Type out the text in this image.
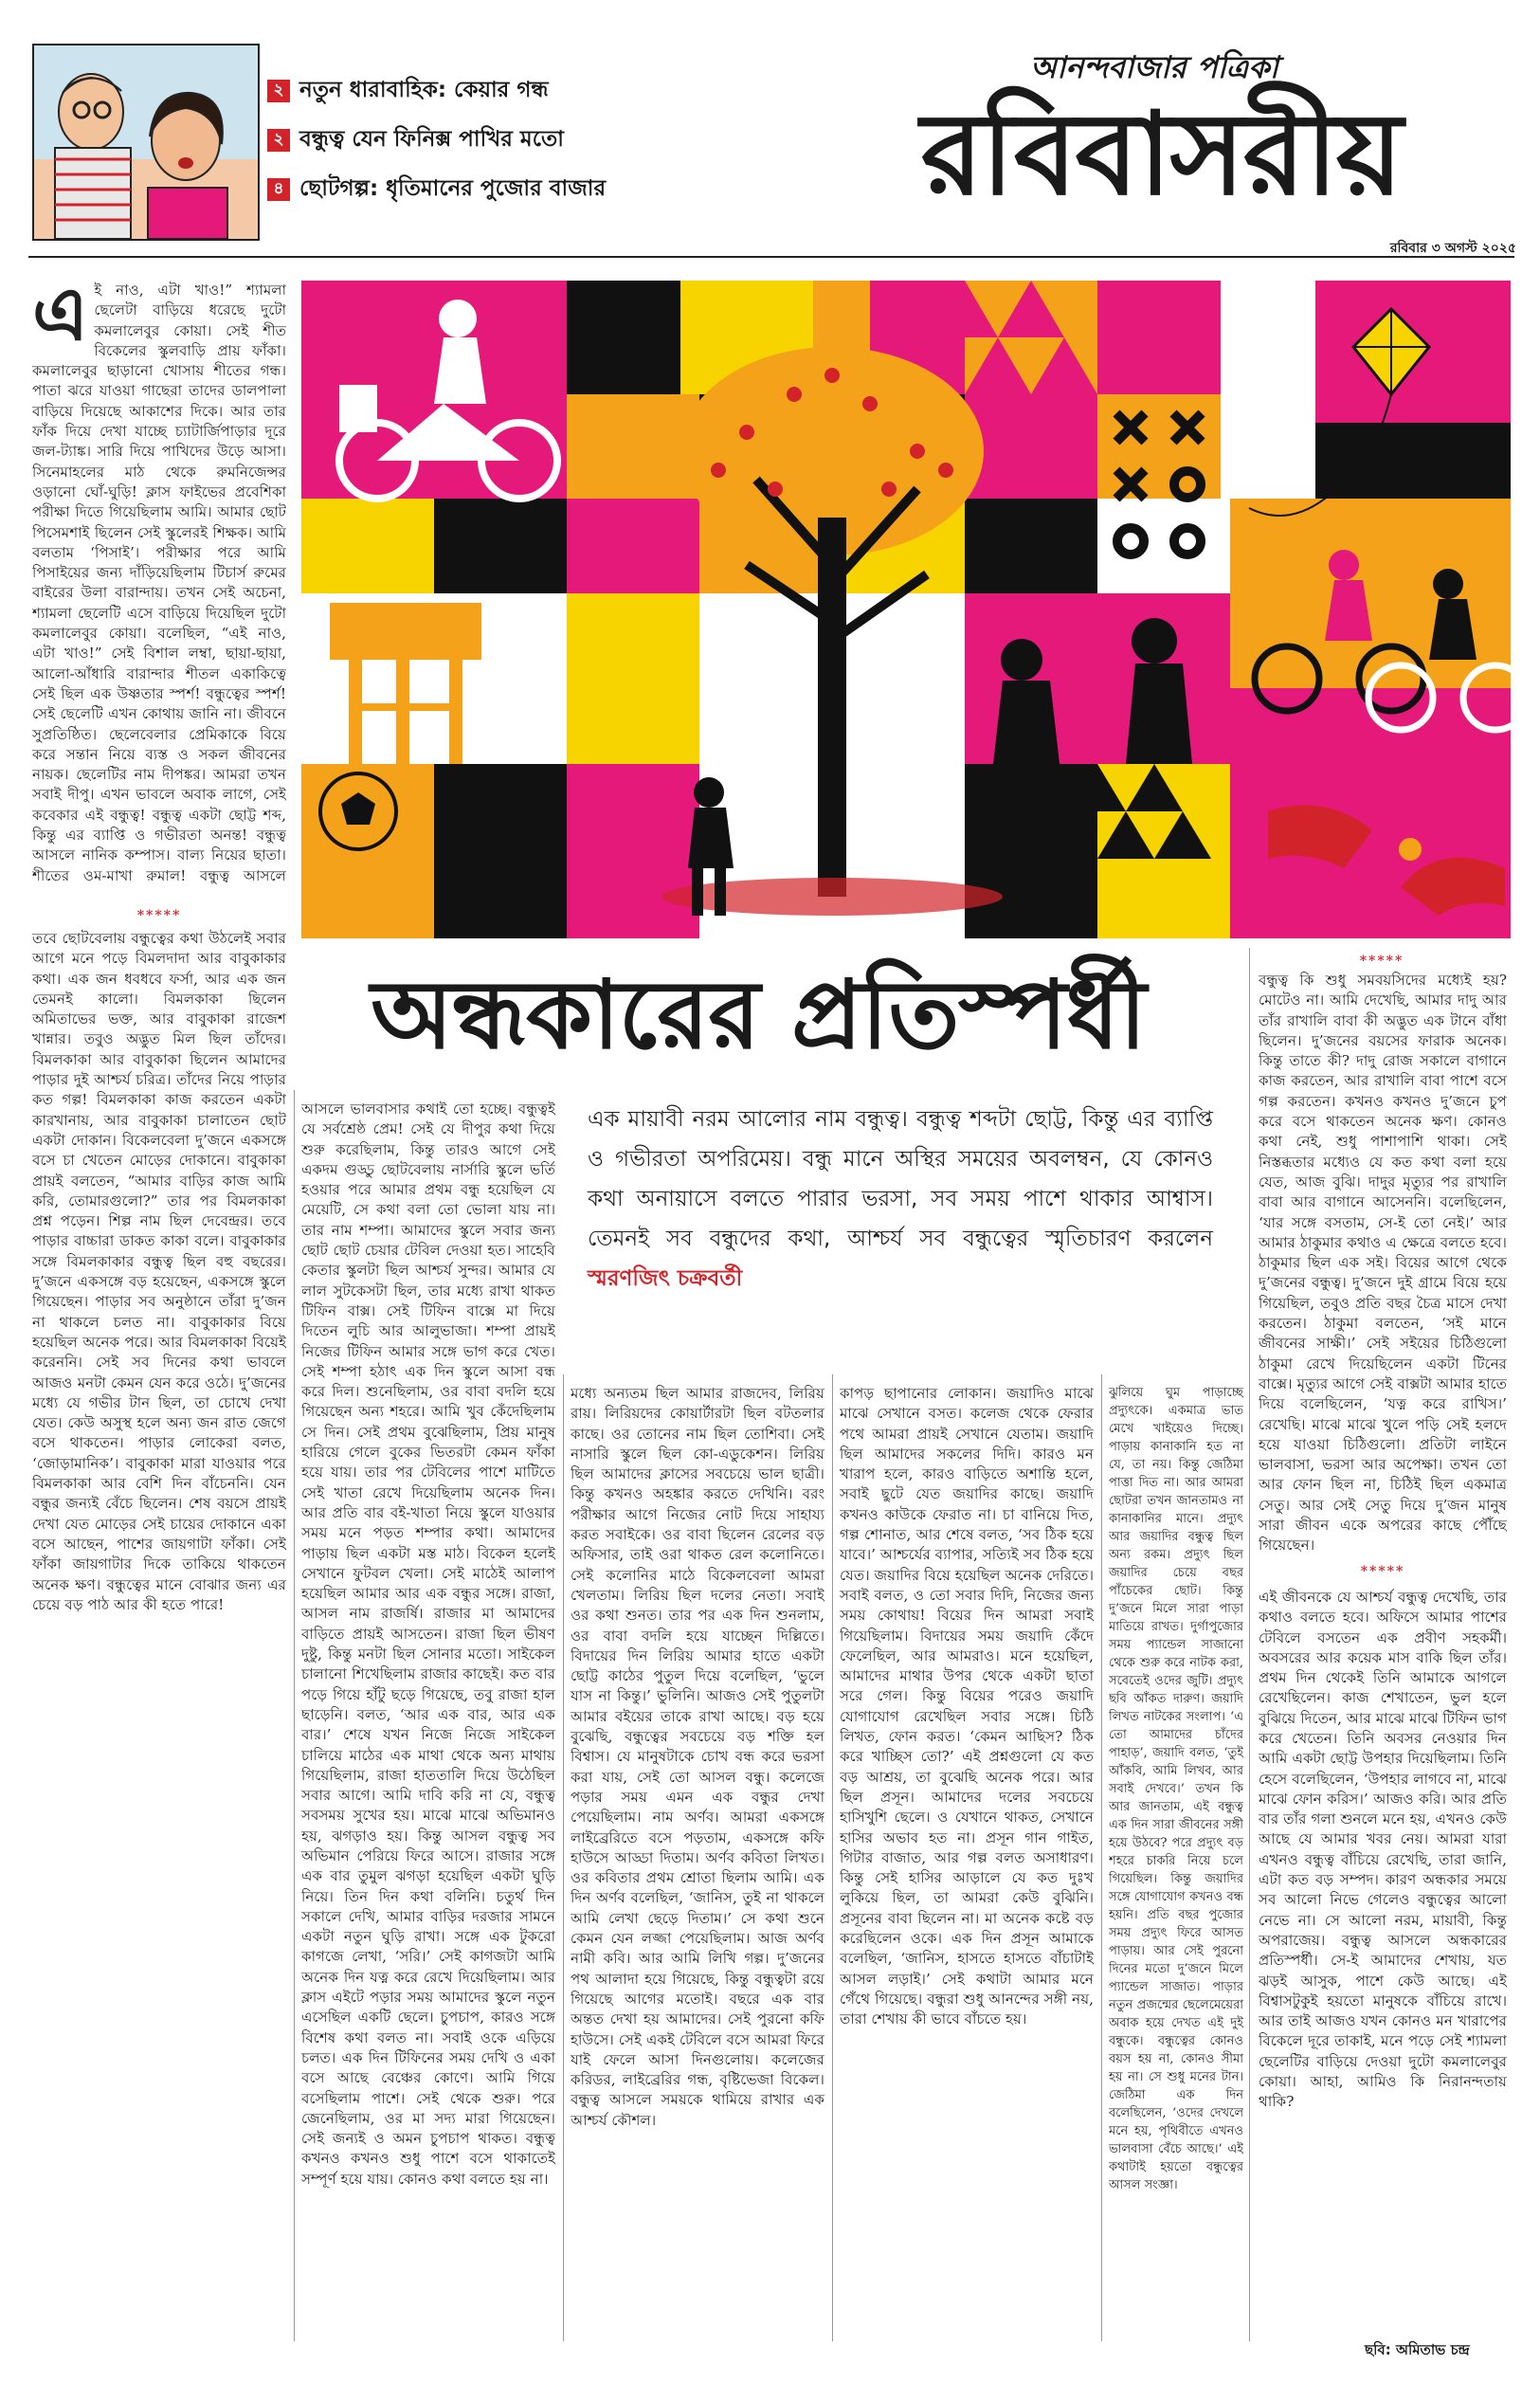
২ নতুন ধারাবাহিক: কেয়ার গন্ধ
২ বন্ধুত্ব যেন ফিনিক্স পাখির মতো
৪ ছোটগল্প: ধৃতিমানের পুজোর বাজার
আনন্দবাজার পত্রিকা
রবিবাসরীয়
রবিবার ৩ অগস্ট ২০২৫
এ ই নাও, এটা খাও!” শ্যামলা ছেলেটা বাড়িয়ে ধরেছে দুটো কমলালেবুর কোয়া। সেই শীত বিকেলের স্কুলবাড়ি প্রায় ফাঁকা। কমলালেবুর ছাড়ানো খোসায় শীতের গন্ধ। পাতা ঝরে যাওয়া গাছেরা তাদের ডালপালা বাড়িয়ে দিয়েছে আকাশের দিকে। আর তার ফাঁক দিয়ে দেখা যাচ্ছে চ্যাটার্জিপাড়ার দূরে জল-ট্যাঙ্ক। সারি দিয়ে পাখিদের উড়ে আসা। সিনেমাহলের মাঠ থেকে রুমনিজেন্সর ওড়ানো ঘোঁ-ঘুড়ি! ক্লাস ফাইভের প্রবেশিকা পরীক্ষা দিতে গিয়েছিলাম আমি। আমার ছোট পিসেমশাই ছিলেন সেই স্কুলেরই শিক্ষক। আমি বলতাম ‘পিসাই’। পরীক্ষার পরে আমি পিসাইয়ের জন্য দাঁড়িয়েছিলাম টিচার্স রুমের বাইরের উলা বারান্দায়। তখন সেই অচেনা, শ্যামলা ছেলেটি এসে বাড়িয়ে দিয়েছিল দুটো কমলালেবুর কোয়া। বলেছিল, “এই নাও, এটা খাও!” সেই বিশাল লম্বা, ছায়া-ছায়া, আলো-আঁধারি বারান্দার শীতল একাকিত্বে সেই ছিল এক উষ্ণতার স্পর্শ! বন্ধুত্বের স্পর্শ! সেই ছেলেটি এখন কোথায় জানি না। জীবনে সুপ্রতিষ্ঠিত। ছেলেবেলার প্রেমিকাকে বিয়ে করে সন্তান নিয়ে ব্যস্ত ও সকল জীবনের নায়ক। ছেলেটির নাম দীপঙ্কর। আমরা তখন সবাই দীপু। এখন ভাবলে অবাক লাগে, সেই কবেকার এই বন্ধুত্ব! বন্ধুত্ব একটা ছোট্ট শব্দ, কিন্তু এর ব্যাপ্তি ও গভীরতা অনন্ত! বন্ধুত্ব আসলে নানিক কম্পাস। বাল্য নিয়ের ছাতা। শীতের ওম-মাখা রুমাল! বন্ধুত্ব আসলে
*****
তবে ছোটবেলায় বন্ধুত্বের কথা উঠলেই সবার আগে মনে পড়ে বিমলদাদা আর বাবুকাকার কথা। এক জন ধবধবে ফর্সা, আর এক জন তেমনই কালো। বিমলকাকা ছিলেন অমিতাভের ভক্ত, আর বাবুকাকা রাজেশ খান্নার। তবুও অদ্ভুত মিল ছিল তাঁদের। বিমলকাকা আর বাবুকাকা ছিলেন আমাদের পাড়ার দুই আশ্চর্য চরিত্র। তাঁদের নিয়ে পাড়ার কত গল্প! বিমলকাকা কাজ করতেন একটা কারখানায়, আর বাবুকাকা চালাতেন ছোট একটা দোকান। বিকেলবেলা দু’জনে একসঙ্গে বসে চা খেতেন মোড়ের দোকানে। বাবুকাকা প্রায়ই বলতেন, “আমার বাড়ির কাজ আমি করি, তোমারগুলো?” তার পর বিমলকাকা প্রশ্ন পড়েন। শিল্প নাম ছিল দেবেন্দ্রর। তবে পাড়ার বাচ্চারা ডাকত কাকা বলে। বাবুকাকার সঙ্গে বিমলকাকার বন্ধুত্ব ছিল বহু বছরের। দু’জনে একসঙ্গে বড় হয়েছেন, একসঙ্গে স্কুলে গিয়েছেন। পাড়ার সব অনুষ্ঠানে তাঁরা দু’জন না থাকলে চলত না। বাবুকাকার বিয়ে হয়েছিল অনেক পরে। আর বিমলকাকা বিয়েই করেননি। সেই সব দিনের কথা ভাবলে আজও মনটা কেমন যেন করে ওঠে। দু’জনের মধ্যে যে গভীর টান ছিল, তা চোখে দেখা যেত। কেউ অসুস্থ হলে অন্য জন রাত জেগে বসে থাকতেন। পাড়ার লোকেরা বলত, ‘জোড়ামানিক’। বাবুকাকা মারা যাওয়ার পরে বিমলকাকা আর বেশি দিন বাঁচেননি। যেন বন্ধুর জন্যই বেঁচে ছিলেন। শেষ বয়সে প্রায়ই দেখা যেত মোড়ের সেই চায়ের দোকানে একা বসে আছেন, পাশের জায়গাটা ফাঁকা। সেই ফাঁকা জায়গাটার দিকে তাকিয়ে থাকতেন অনেক ক্ষণ। বন্ধুত্বের মানে বোঝার জন্য এর চেয়ে বড় পাঠ আর কী হতে পারে!
অন্ধকারের প্রতিস্পর্ধী
আসলে ভালবাসার কথাই তো হচ্ছে। বন্ধুত্বই যে সর্বশ্রেষ্ঠ প্রেম! সেই যে দীপুর কথা দিয়ে শুরু করেছিলাম, কিন্তু তারও আগে সেই একদম গুড্ডু ছোটবেলায় নার্সারি স্কুলে ভর্তি হওয়ার পরে আমার প্রথম বন্ধু হয়েছিল যে মেয়েটি, সে কথা বলা তো ভোলা যায় না। তার নাম শম্পা। আমাদের স্কুলে সবার জন্য ছোট ছোট চেয়ার টেবিল দেওয়া হত। সাহেবি কেতার স্কুলটা ছিল আশ্চর্য সুন্দর। আমার যে লাল সুটকেসটা ছিল, তার মধ্যে রাখা থাকত টিফিন বাক্স। সেই টিফিন বাক্সে মা দিয়ে দিতেন লুচি আর আলুভাজা। শম্পা প্রায়ই নিজের টিফিন আমার সঙ্গে ভাগ করে খেত। সেই শম্পা হঠাৎ এক দিন স্কুলে আসা বন্ধ করে দিল। শুনেছিলাম, ওর বাবা বদলি হয়ে গিয়েছেন অন্য শহরে। আমি খুব কেঁদেছিলাম সে দিন। সেই প্রথম বুঝেছিলাম, প্রিয় মানুষ হারিয়ে গেলে বুকের ভিতরটা কেমন ফাঁকা হয়ে যায়। তার পর টেবিলের পাশে মাটিতে সেই খাতা রেখে দিয়েছিলাম অনেক দিন। আর প্রতি বার বই-খাতা নিয়ে স্কুলে যাওয়ার সময় মনে পড়ত শম্পার কথা। আমাদের পাড়ায় ছিল একটা মস্ত মাঠ। বিকেল হলেই সেখানে ফুটবল খেলা। সেই মাঠেই আলাপ হয়েছিল আমার আর এক বন্ধুর সঙ্গে। রাজা, আসল নাম রাজর্ষি। রাজার মা আমাদের বাড়িতে প্রায়ই আসতেন। রাজা ছিল ভীষণ দুষ্টু, কিন্তু মনটা ছিল সোনার মতো। সাইকেল চালানো শিখেছিলাম রাজার কাছেই। কত বার পড়ে গিয়ে হাঁটু ছড়ে গিয়েছে, তবু রাজা হাল ছাড়েনি। বলত, ‘আর এক বার, আর এক বার।’ শেষে যখন নিজে নিজে সাইকেল চালিয়ে মাঠের এক মাথা থেকে অন্য মাথায় গিয়েছিলাম, রাজা হাততালি দিয়ে উঠেছিল সবার আগে। আমি দাবি করি না যে, বন্ধুত্ব সবসময় সুখের হয়। মাঝে মাঝে অভিমানও হয়, ঝগড়াও হয়। কিন্তু আসল বন্ধুত্ব সব অভিমান পেরিয়ে ফিরে আসে। রাজার সঙ্গে এক বার তুমুল ঝগড়া হয়েছিল একটা ঘুড়ি নিয়ে। তিন দিন কথা বলিনি। চতুর্থ দিন সকালে দেখি, আমার বাড়ির দরজার সামনে একটা নতুন ঘুড়ি রাখা। সঙ্গে এক টুকরো কাগজে লেখা, ‘সরি।’ সেই কাগজটা আমি অনেক দিন যত্ন করে রেখে দিয়েছিলাম। আর ক্লাস এইটে পড়ার সময় আমাদের স্কুলে নতুন এসেছিল একটি ছেলে। চুপচাপ, কারও সঙ্গে বিশেষ কথা বলত না। সবাই ওকে এড়িয়ে চলত। এক দিন টিফিনের সময় দেখি ও একা বসে আছে বেঞ্চের কোণে। আমি গিয়ে বসেছিলাম পাশে। সেই থেকে শুরু। পরে জেনেছিলাম, ওর মা সদ্য মারা গিয়েছেন। সেই জন্যই ও অমন চুপচাপ থাকত। বন্ধুত্ব কখনও কখনও শুধু পাশে বসে থাকাতেই সম্পূর্ণ হয়ে যায়। কোনও কথা বলতে হয় না।
এক মায়াবী নরম আলোর নাম বন্ধুত্ব। বন্ধুত্ব শব্দটা ছোট্ট, কিন্তু এর ব্যাপ্তি ও গভীরতা অপরিমেয়। বন্ধু মানে অস্থির সময়ের অবলম্বন, যে কোনও কথা অনায়াসে বলতে পারার ভরসা, সব সময় পাশে থাকার আশ্বাস। তেমনই সব বন্ধুদের কথা, আশ্চর্য সব বন্ধুত্বের স্মৃতিচারণ করলেন স্মরণজিৎ চক্রবর্তী
মধ্যে অন্যতম ছিল আমার রাজদেব, লিরিয় রায়। লিরিয়দের কোয়ার্টারটা ছিল বটতলার কাছে। ওর তোনের নাম ছিল তোশিবা। সেই নাসারি স্কুলে ছিল কো-এডুকেশন। লিরিয় ছিল আমাদের ক্লাসের সবচেয়ে ভাল ছাত্রী। কিন্তু কখনও অহঙ্কার করতে দেখিনি। বরং পরীক্ষার আগে নিজের নোট দিয়ে সাহায্য করত সবাইকে। ওর বাবা ছিলেন রেলের বড় অফিসার, তাই ওরা থাকত রেল কলোনিতে। সেই কলোনির মাঠে বিকেলবেলা আমরা খেলতাম। লিরিয় ছিল দলের নেতা। সবাই ওর কথা শুনত। তার পর এক দিন শুনলাম, ওর বাবা বদলি হয়ে যাচ্ছেন দিল্লিতে। বিদায়ের দিন লিরিয় আমার হাতে একটা ছোট্ট কাঠের পুতুল দিয়ে বলেছিল, ‘ভুলে যাস না কিন্তু।’ ভুলিনি। আজও সেই পুতুলটা আমার বইয়ের তাকে রাখা আছে। বড় হয়ে বুঝেছি, বন্ধুত্বের সবচেয়ে বড় শক্তি হল বিশ্বাস। যে মানুষটাকে চোখ বন্ধ করে ভরসা করা যায়, সেই তো আসল বন্ধু। কলেজে পড়ার সময় এমন এক বন্ধুর দেখা পেয়েছিলাম। নাম অর্ণব। আমরা একসঙ্গে লাইব্রেরিতে বসে পড়তাম, একসঙ্গে কফি হাউসে আড্ডা দিতাম। অর্ণব কবিতা লিখত। ওর কবিতার প্রথম শ্রোতা ছিলাম আমি। এক দিন অর্ণব বলেছিল, ‘জানিস, তুই না থাকলে আমি লেখা ছেড়ে দিতাম।’ সে কথা শুনে কেমন যেন লজ্জা পেয়েছিলাম। আজ অর্ণব নামী কবি। আর আমি লিখি গল্প। দু’জনের পথ আলাদা হয়ে গিয়েছে, কিন্তু বন্ধুত্বটা রয়ে গিয়েছে আগের মতোই। বছরে এক বার অন্তত দেখা হয় আমাদের। সেই পুরনো কফি হাউসে। সেই একই টেবিলে বসে আমরা ফিরে যাই ফেলে আসা দিনগুলোয়। কলেজের করিডর, লাইব্রেরির গন্ধ, বৃষ্টিভেজা বিকেল। বন্ধুত্ব আসলে সময়কে থামিয়ে রাখার এক আশ্চর্য কৌশল।
কাপড় ছাপানোর লোকান। জয়াদিও মাঝে মাঝে সেখানে বসত। কলেজ থেকে ফেরার পথে আমরা প্রায়ই সেখানে যেতাম। জয়াদি ছিল আমাদের সকলের দিদি। কারও মন খারাপ হলে, কারও বাড়িতে অশান্তি হলে, সবাই ছুটে যেত জয়াদির কাছে। জয়াদি কখনও কাউকে ফেরাত না। চা বানিয়ে দিত, গল্প শোনাত, আর শেষে বলত, ‘সব ঠিক হয়ে যাবে।’ আশ্চর্যের ব্যাপার, সত্যিই সব ঠিক হয়ে যেত। জয়াদির বিয়ে হয়েছিল অনেক দেরিতে। সবাই বলত, ও তো সবার দিদি, নিজের জন্য সময় কোথায়! বিয়ের দিন আমরা সবাই গিয়েছিলাম। বিদায়ের সময় জয়াদি কেঁদে ফেলেছিল, আর আমরাও। মনে হয়েছিল, আমাদের মাথার উপর থেকে একটা ছাতা সরে গেল। কিন্তু বিয়ের পরেও জয়াদি যোগাযোগ রেখেছিল সবার সঙ্গে। চিঠি লিখত, ফোন করত। ‘কেমন আছিস? ঠিক করে খাচ্ছিস তো?’ এই প্রশ্নগুলো যে কত বড় আশ্রয়, তা বুঝেছি অনেক পরে। আর ছিল প্রসূন। আমাদের দলের সবচেয়ে হাসিখুশি ছেলে। ও যেখানে থাকত, সেখানে হাসির অভাব হত না। প্রসূন গান গাইত, গিটার বাজাত, আর গল্প বলত অসাধারণ। কিন্তু সেই হাসির আড়ালে যে কত দুঃখ লুকিয়ে ছিল, তা আমরা কেউ বুঝিনি। প্রসূনের বাবা ছিলেন না। মা অনেক কষ্টে বড় করেছিলেন ওকে। এক দিন প্রসূন আমাকে বলেছিল, ‘জানিস, হাসতে হাসতে বাঁচাটাই আসল লড়াই।’ সেই কথাটা আমার মনে গেঁথে গিয়েছে। বন্ধুরা শুধু আনন্দের সঙ্গী নয়, তারা শেখায় কী ভাবে বাঁচতে হয়।
*****
বন্ধুত্ব কি শুধু সমবয়সিদের মধ্যেই হয়? মোটেও না। আমি দেখেছি, আমার দাদু আর তাঁর রাখালি বাবা কী অদ্ভুত এক টানে বাঁধা ছিলেন। দু’জনের বয়সের ফারাক অনেক। কিন্তু তাতে কী? দাদু রোজ সকালে বাগানে কাজ করতেন, আর রাখালি বাবা পাশে বসে গল্প করতেন। কখনও কখনও দু’জনে চুপ করে বসে থাকতেন অনেক ক্ষণ। কোনও কথা নেই, শুধু পাশাপাশি থাকা। সেই নিস্তব্ধতার মধ্যেও যে কত কথা বলা হয়ে যেত, আজ বুঝি। দাদুর মৃত্যুর পর রাখালি বাবা আর বাগানে আসেননি। বলেছিলেন, ‘যার সঙ্গে বসতাম, সে-ই তো নেই।’ আর আমার ঠাকুমার কথাও এ ক্ষেত্রে বলতে হবে। ঠাকুমার ছিল এক সই। বিয়ের আগে থেকে দু’জনের বন্ধুত্ব। দু’জনে দুই গ্রামে বিয়ে হয়ে গিয়েছিল, তবুও প্রতি বছর চৈত্র মাসে দেখা করতেন। ঠাকুমা বলতেন, ‘সই মানে জীবনের সাক্ষী।’ সেই সইয়ের চিঠিগুলো ঠাকুমা রেখে দিয়েছিলেন একটা টিনের বাক্সে। মৃত্যুর আগে সেই বাক্সটা আমার হাতে দিয়ে বলেছিলেন, ‘যত্ন করে রাখিস।’ রেখেছি। মাঝে মাঝে খুলে পড়ি সেই হলদে হয়ে যাওয়া চিঠিগুলো। প্রতিটা লাইনে ভালবাসা, ভরসা আর অপেক্ষা। তখন তো আর ফোন ছিল না, চিঠিই ছিল একমাত্র সেতু। আর সেই সেতু দিয়ে দু’জন মানুষ সারা জীবন একে অপরের কাছে পৌঁছে গিয়েছেন।
*****
এই জীবনকে যে আশ্চর্য বন্ধুত্ব দেখেছি, তার কথাও বলতে হবে। অফিসে আমার পাশের টেবিলে বসতেন এক প্রবীণ সহকর্মী। অবসরের আর কয়েক মাস বাকি ছিল তাঁর। প্রথম দিন থেকেই তিনি আমাকে আগলে রেখেছিলেন। কাজ শেখাতেন, ভুল হলে বুঝিয়ে দিতেন, আর মাঝে মাঝে টিফিন ভাগ করে খেতেন। তিনি অবসর নেওয়ার দিন আমি একটা ছোট্ট উপহার দিয়েছিলাম। তিনি হেসে বলেছিলেন, ‘উপহার লাগবে না, মাঝে মাঝে ফোন করিস।’ আজও করি। আর প্রতি বার তাঁর গলা শুনলে মনে হয়, এখনও কেউ আছে যে আমার খবর নেয়। আমরা যারা এখনও বন্ধুত্ব বাঁচিয়ে রেখেছি, তারা জানি, এটা কত বড় সম্পদ। কারণ অন্ধকার সময়ে সব আলো নিভে গেলেও বন্ধুত্বের আলো নেভে না। সে আলো নরম, মায়াবী, কিন্তু অপরাজেয়। বন্ধুত্ব আসলে অন্ধকারের প্রতিস্পর্ধী। সে-ই আমাদের শেখায়, যত ঝড়ই আসুক, পাশে কেউ আছে। এই বিশ্বাসটুকুই হয়তো মানুষকে বাঁচিয়ে রাখে। আর তাই আজও যখন কোনও মন খারাপের বিকেলে দূরে তাকাই, মনে পড়ে সেই শ্যামলা ছেলেটির বাড়িয়ে দেওয়া দুটো কমলালেবুর কোয়া। আহা, আমিও কি নিরানন্দতায় থাকি?
ঝুলিয়ে ঘুম পাড়াচ্ছে প্রদ্যুৎকে। একমাত্র ভাত মেখে খাইয়েও দিচ্ছে। পাড়ায় কানাকানি হত না যে, তা নয়। কিন্তু জেঠিমা পাত্তা দিত না। আর আমরা ছোটরা তখন জানতামও না কানাকানির মানে। প্রদ্যুৎ আর জয়াদির বন্ধুত্ব ছিল অন্য রকম। প্রদ্যুৎ ছিল জয়াদির চেয়ে বছর পাঁচেকের ছোট। কিন্তু দু’জনে মিলে সারা পাড়া মাতিয়ে রাখত। দুর্গাপুজোর সময় প্যান্ডেল সাজানো থেকে শুরু করে নাটক করা, সবেতেই ওদের জুটি। প্রদ্যুৎ ছবি আঁকত দারুণ। জয়াদি লিখত নাটকের সংলাপ। ‘এ তো আমাদের চাঁদের পাহাড়’, জয়াদি বলত, ‘তুই আঁকবি, আমি লিখব, আর সবাই দেখবে।’ তখন কি আর জানতাম, এই বন্ধুত্ব এক দিন সারা জীবনের সঙ্গী হয়ে উঠবে? পরে প্রদ্যুৎ বড় শহরে চাকরি নিয়ে চলে গিয়েছিল। কিন্তু জয়াদির সঙ্গে যোগাযোগ কখনও বন্ধ হয়নি। প্রতি বছর পুজোর সময় প্রদ্যুৎ ফিরে আসত পাড়ায়। আর সেই পুরনো দিনের মতো দু’জনে মিলে প্যান্ডেল সাজাত। পাড়ার নতুন প্রজন্মের ছেলেমেয়েরা অবাক হয়ে দেখত এই দুই বন্ধুকে। বন্ধুত্বের কোনও বয়স হয় না, কোনও সীমা হয় না। সে শুধু মনের টান। জেঠিমা এক দিন বলেছিলেন, ‘ওদের দেখলে মনে হয়, পৃথিবীতে এখনও ভালবাসা বেঁচে আছে।’ এই কথাটাই হয়তো বন্ধুত্বের আসল সংজ্ঞা।
ছবি: অমিতাভ চন্দ্র
